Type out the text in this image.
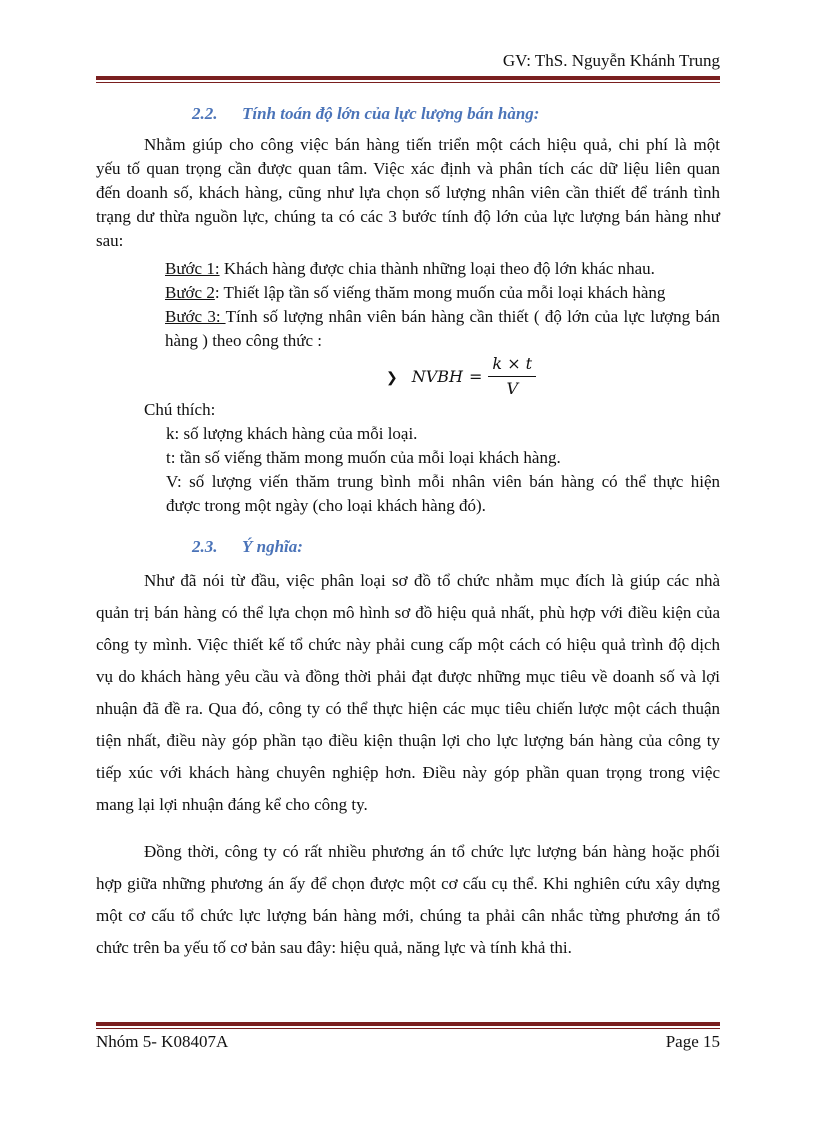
GV: ThS. Nguyễn Khánh Trung
2.2. Tính toán độ lớn của lực lượng bán hàng:
Nhằm giúp cho công việc bán hàng tiến triển một cách hiệu quả, chi phí là một
yếu tố quan trọng cần được quan tâm. Việc xác định và phân tích các dữ liệu liên quan
đến doanh số, khách hàng, cũng như lựa chọn số lượng nhân viên cần thiết để tránh tình
trạng dư thừa nguồn lực, chúng ta có các 3 bước tính độ lớn của lực lượng bán hàng như
sau:
Bước 1: Khách hàng được chia thành những loại theo độ lớn khác nhau.
Bước 2: Thiết lập tần số viếng thăm mong muốn của mỗi loại khách hàng
Bước 3: Tính số lượng nhân viên bán hàng cần thiết ( độ lớn của lực lượng bán
hàng ) theo công thức :
❯ NVBH = $\frac{k \times t}{V}$
Chú thích:
k: số lượng khách hàng của mỗi loại.
t: tần số viếng thăm mong muốn của mỗi loại khách hàng.
V: số lượng viến thăm trung bình mỗi nhân viên bán hàng có thể thực hiện
được trong một ngày (cho loại khách hàng đó).
2.3. Ý nghĩa:
Như đã nói từ đầu, việc phân loại sơ đồ tổ chức nhằm mục đích là giúp các nhà
quản trị bán hàng có thể lựa chọn mô hình sơ đồ hiệu quả nhất, phù hợp với điều kiện của
công ty mình. Việc thiết kế tổ chức này phải cung cấp một cách có hiệu quả trình độ dịch
vụ do khách hàng yêu cầu và đồng thời phải đạt được những mục tiêu về doanh số và lợi
nhuận đã đề ra. Qua đó, công ty có thể thực hiện các mục tiêu chiến lược một cách thuận
tiện nhất, điều này góp phần tạo điều kiện thuận lợi cho lực lượng bán hàng của công ty
tiếp xúc với khách hàng chuyên nghiệp hơn. Điều này góp phần quan trọng trong việc
mang lại lợi nhuận đáng kể cho công ty.
Đồng thời, công ty có rất nhiều phương án tổ chức lực lượng bán hàng hoặc phối
hợp giữa những phương án ấy để chọn được một cơ cấu cụ thể. Khi nghiên cứu xây dựng
một cơ cấu tổ chức lực lượng bán hàng mới, chúng ta phải cân nhắc từng phương án tổ
chức trên ba yếu tố cơ bản sau đây: hiệu quả, năng lực và tính khả thi.
Nhóm 5- K08407A	Page 15
